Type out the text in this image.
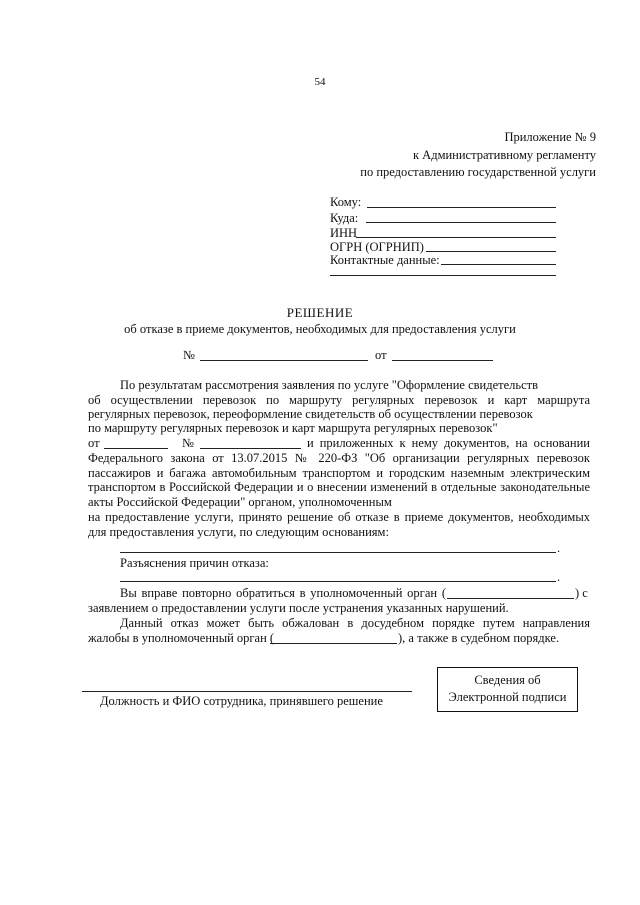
54
Приложение № 9
к Административному регламенту
по предоставлению государственной услуги
Кому:
Куда:
ИНН
ОГРН (ОГРНИП)
Контактные данные:
РЕШЕНИЕ
об отказе в приеме документов, необходимых для предоставления услуги
№	от
По результатам рассмотрения заявления по услуге "Оформление свидетельств
об осуществлении перевозок по маршруту регулярных перевозок и карт маршрута
регулярных перевозок, переоформление свидетельств об осуществлении перевозок
по маршруту регулярных перевозок и карт маршрута регулярных перевозок"
от	№	и приложенных к нему документов, на основании
Федерального закона от 13.07.2015 № 220-ФЗ "Об организации регулярных перевозок
пассажиров и багажа автомобильным транспортом и городским наземным электрическим
транспортом в Российской Федерации и о внесении изменений в отдельные законодательные
акты Российской Федерации" органом, уполномоченным
на предоставление услуги, принято решение об отказе в приеме документов, необходимых
для предоставления услуги, по следующим основаниям:
.
Разъяснения причин отказа:
.
Вы вправе повторно обратиться в уполномоченный орган (	) с
заявлением о предоставлении услуги после устранения указанных нарушений.
Данный отказ может быть обжалован в досудебном порядке путем направления
жалобы в уполномоченный орган (	), а также в судебном порядке.
Должность и ФИО сотрудника, принявшего решение
Сведения об
Электронной подписи
